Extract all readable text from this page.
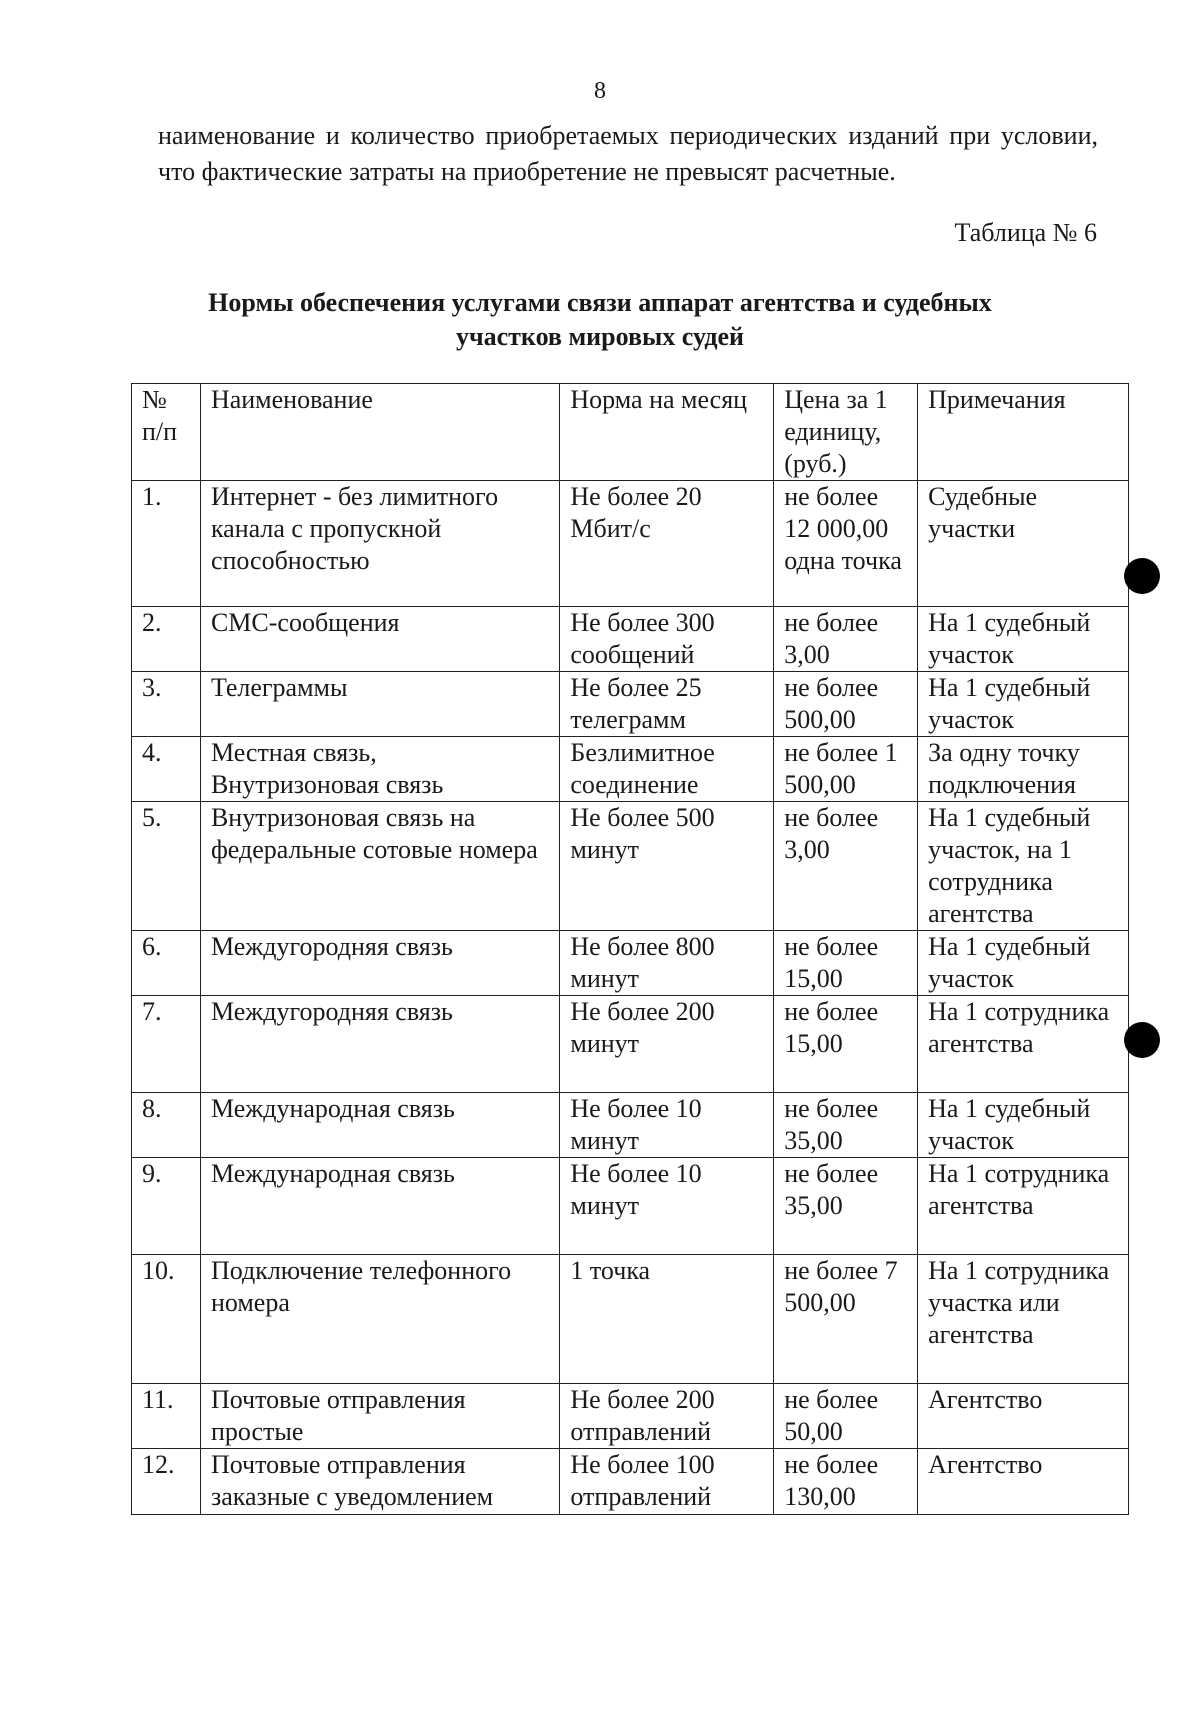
8
наименование и количество приобретаемых периодических изданий при условии, что фактические затраты на приобретение не превысят расчетные.
Таблица № 6
Нормы обеспечения услугами связи аппарат агентства и судебных
участков мировых судей
№ п/п	Наименование	Норма на месяц	Цена за 1 единицу, (руб.)	Примечания
1.	Интернет - без лимитного канала с пропускной способностью	Не более 20 Мбит/с	не более 12 000,00 одна точка	Судебные участки
2.	СМС-сообщения	Не более 300 сообщений	не более 3,00	На 1 судебный участок
3.	Телеграммы	Не более 25 телеграмм	не более 500,00	На 1 судебный участок
4.	Местная связь, Внутризоновая связь	Безлимитное соединение	не более 1 500,00	За одну точку подключения
5.	Внутризоновая связь на федеральные сотовые номера	Не более 500 минут	не более 3,00	На 1 судебный участок, на 1 сотрудника агентства
6.	Междугородняя связь	Не более 800 минут	не более 15,00	На 1 судебный участок
7.	Междугородняя связь	Не более 200 минут	не более 15,00	На 1 сотрудника агентства
8.	Международная связь	Не более 10 минут	не более 35,00	На 1 судебный участок
9.	Международная связь	Не более 10 минут	не более 35,00	На 1 сотрудника агентства
10.	Подключение телефонного номера	1 точка	не более 7 500,00	На 1 сотрудника участка или агентства
11.	Почтовые отправления простые	Не более 200 отправлений	не более 50,00	Агентство
12.	Почтовые отправления заказные с уведомлением	Не более 100 отправлений	не более 130,00	Агентство
